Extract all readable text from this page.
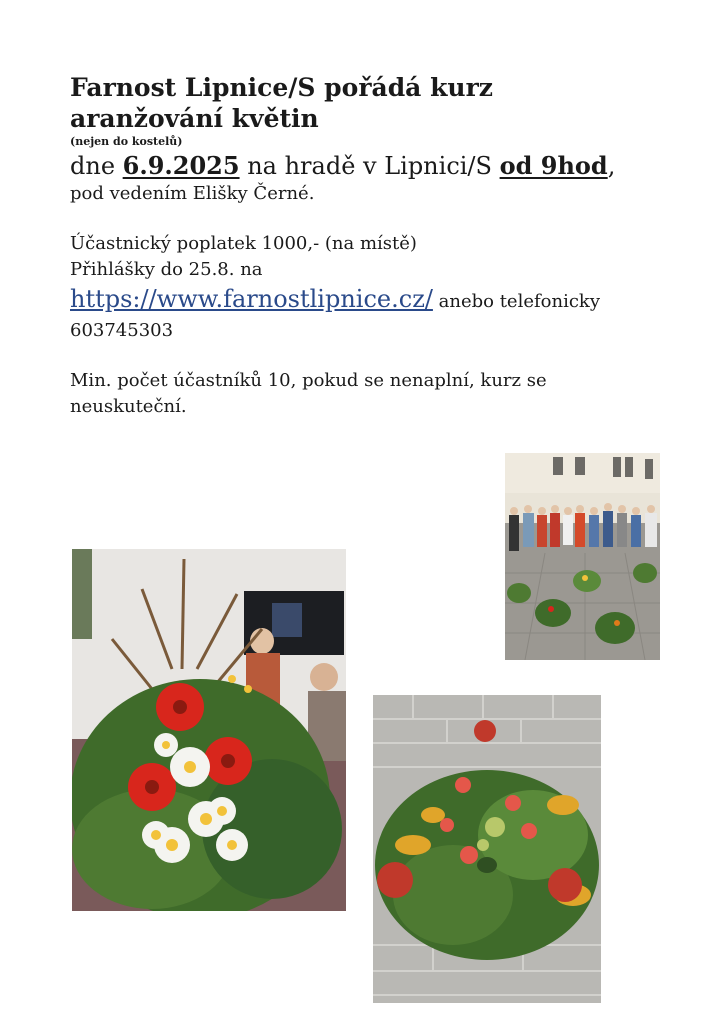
Farnost Lipnice/S pořádá kurz
aranžování květin

(nejen do kostelů)

dne 6.9.2025 na hradě v Lipnici/S od 9hod,

pod vedením Elišky Černé.

Účastnický poplatek 1000,- (na místě)

Přihlášky do 25.8. na

https://www.farnostlipnice.cz/ anebo telefonicky

603745303

Min. počet účastníků 10, pokud se nenaplní, kurz se

neuskuteční.
